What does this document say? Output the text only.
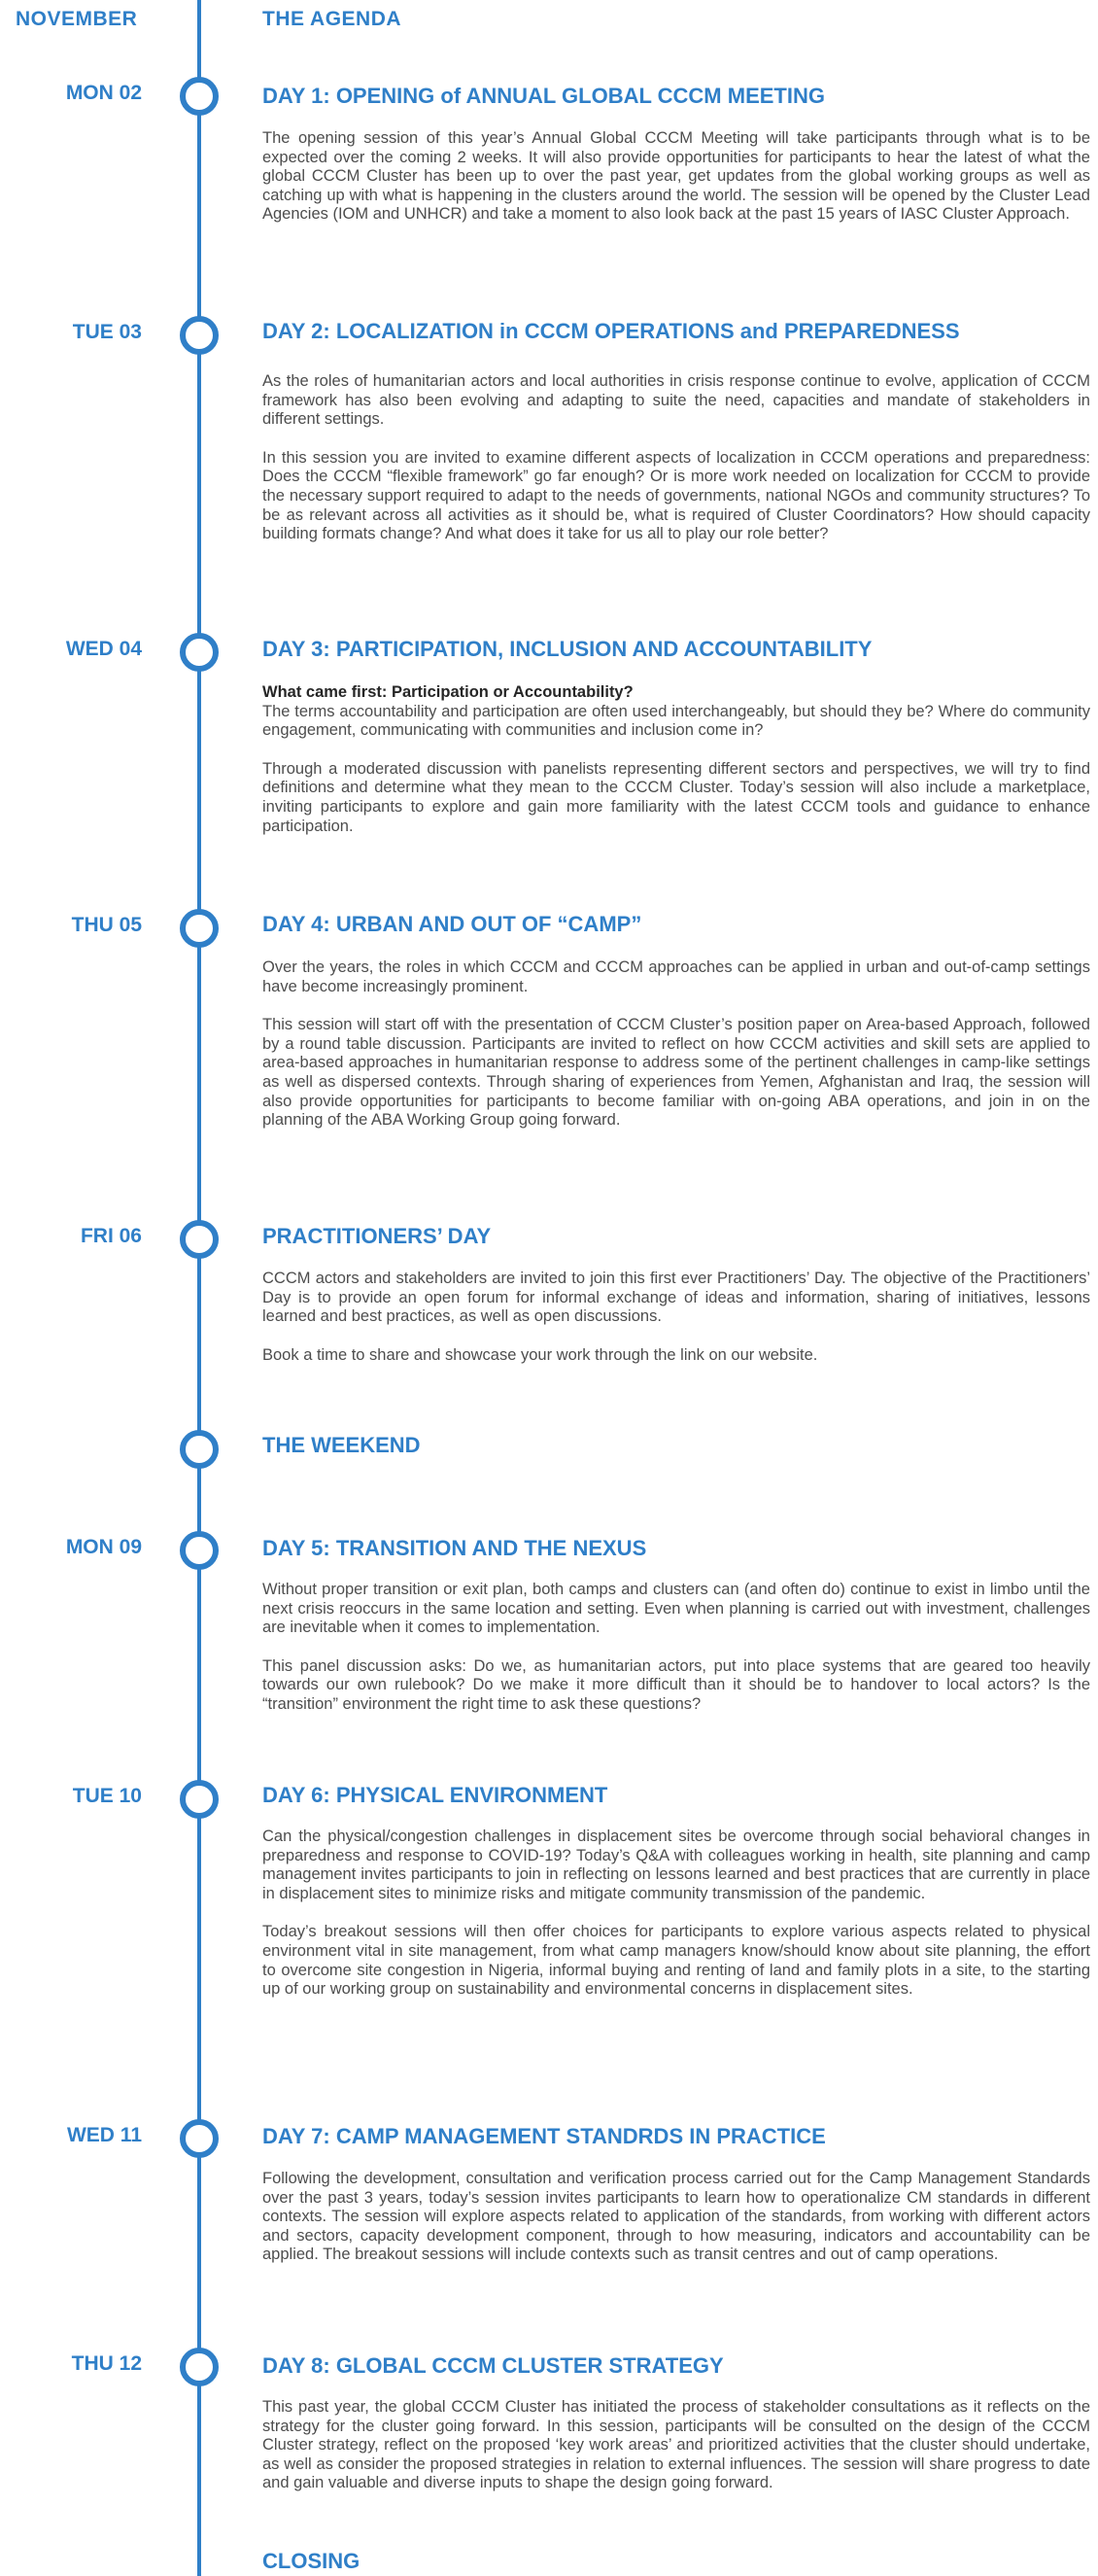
NOVEMBER	THE AGENDA
MON 02	DAY 1: OPENING of ANNUAL GLOBAL CCCM MEETING

The opening session of this year’s Annual Global CCCM Meeting will take participants through what is to be expected over the coming 2 weeks. It will also provide opportunities for participants to hear the latest of what the global CCCM Cluster has been up to over the past year, get updates from the global working groups as well as catching up with what is happening in the clusters around the world. The session will be opened by the Cluster Lead Agencies (IOM and UNHCR) and take a moment to also look back at the past 15 years of IASC Cluster Approach.

TUE 03	DAY 2: LOCALIZATION in CCCM OPERATIONS and PREPAREDNESS

As the roles of humanitarian actors and local authorities in crisis response continue to evolve, application of CCCM framework has also been evolving and adapting to suite the need, capacities and mandate of stakeholders in different settings.

In this session you are invited to examine different aspects of localization in CCCM operations and preparedness: Does the CCCM “flexible framework” go far enough? Or is more work needed on localization for CCCM to provide the necessary support required to adapt to the needs of governments, national NGOs and community structures? To be as relevant across all activities as it should be, what is required of Cluster Coordinators? How should capacity building formats change? And what does it take for us all to play our role better?

WED 04	DAY 3: PARTICIPATION, INCLUSION AND ACCOUNTABILITY

What came first: Participation or Accountability?

The terms accountability and participation are often used interchangeably, but should they be? Where do community engagement, communicating with communities and inclusion come in?

Through a moderated discussion with panelists representing different sectors and perspectives, we will try to find definitions and determine what they mean to the CCCM Cluster. Today’s session will also include a marketplace, inviting participants to explore and gain more familiarity with the latest CCCM tools and guidance to enhance participation.

THU 05	DAY 4: URBAN AND OUT OF “CAMP”

Over the years, the roles in which CCCM and CCCM approaches can be applied in urban and out-of-camp settings have become increasingly prominent.

This session will start off with the presentation of CCCM Cluster’s position paper on Area-based Approach, followed by a round table discussion. Participants are invited to reflect on how CCCM activities and skill sets are applied to area-based approaches in humanitarian response to address some of the pertinent challenges in camp-like settings as well as dispersed contexts. Through sharing of experiences from Yemen, Afghanistan and Iraq, the session will also provide opportunities for participants to become familiar with on-going ABA operations, and join in on the planning of the ABA Working Group going forward.

FRI 06	PRACTITIONERS’ DAY

CCCM actors and stakeholders are invited to join this first ever Practitioners’ Day. The objective of the Practitioners’ Day is to provide an open forum for informal exchange of ideas and information, sharing of initiatives, lessons learned and best practices, as well as open discussions.

Book a time to share and showcase your work through the link on our website.

THE WEEKEND
MON 09	DAY 5: TRANSITION AND THE NEXUS

Without proper transition or exit plan, both camps and clusters can (and often do) continue to exist in limbo until the next crisis reoccurs in the same location and setting. Even when planning is carried out with investment, challenges are inevitable when it comes to implementation.

This panel discussion asks: Do we, as humanitarian actors, put into place systems that are geared too heavily towards our own rulebook? Do we make it more difficult than it should be to handover to local actors? Is the “transition” environment the right time to ask these questions?

TUE 10	DAY 6: PHYSICAL ENVIRONMENT

Can the physical/congestion challenges in displacement sites be overcome through social behavioral changes in preparedness and response to COVID-19? Today’s Q&A with colleagues working in health, site planning and camp management invites participants to join in reflecting on lessons learned and best practices that are currently in place in displacement sites to minimize risks and mitigate community transmission of the pandemic.

Today’s breakout sessions will then offer choices for participants to explore various aspects related to physical environment vital in site management, from what camp managers know/should know about site planning, the effort to overcome site congestion in Nigeria, informal buying and renting of land and family plots in a site, to the starting up of our working group on sustainability and environmental concerns in displacement sites.

WED 11	DAY 7: CAMP MANAGEMENT STANDRDS IN PRACTICE

Following the development, consultation and verification process carried out for the Camp Management Standards over the past 3 years, today’s session invites participants to learn how to operationalize CM standards in different contexts. The session will explore aspects related to application of the standards, from working with different actors and sectors, capacity development component, through to how measuring, indicators and accountability can be applied. The breakout sessions will include contexts such as transit centres and out of camp operations.

THU 12	DAY 8: GLOBAL CCCM CLUSTER STRATEGY

This past year, the global CCCM Cluster has initiated the process of stakeholder consultations as it reflects on the strategy for the cluster going forward. In this session, participants will be consulted on the design of the CCCM Cluster strategy, reflect on the proposed ‘key work areas’ and prioritized activities that the cluster should undertake, as well as consider the proposed strategies in relation to external influences. The session will share progress to date and gain valuable and diverse inputs to shape the design going forward.

CLOSING
